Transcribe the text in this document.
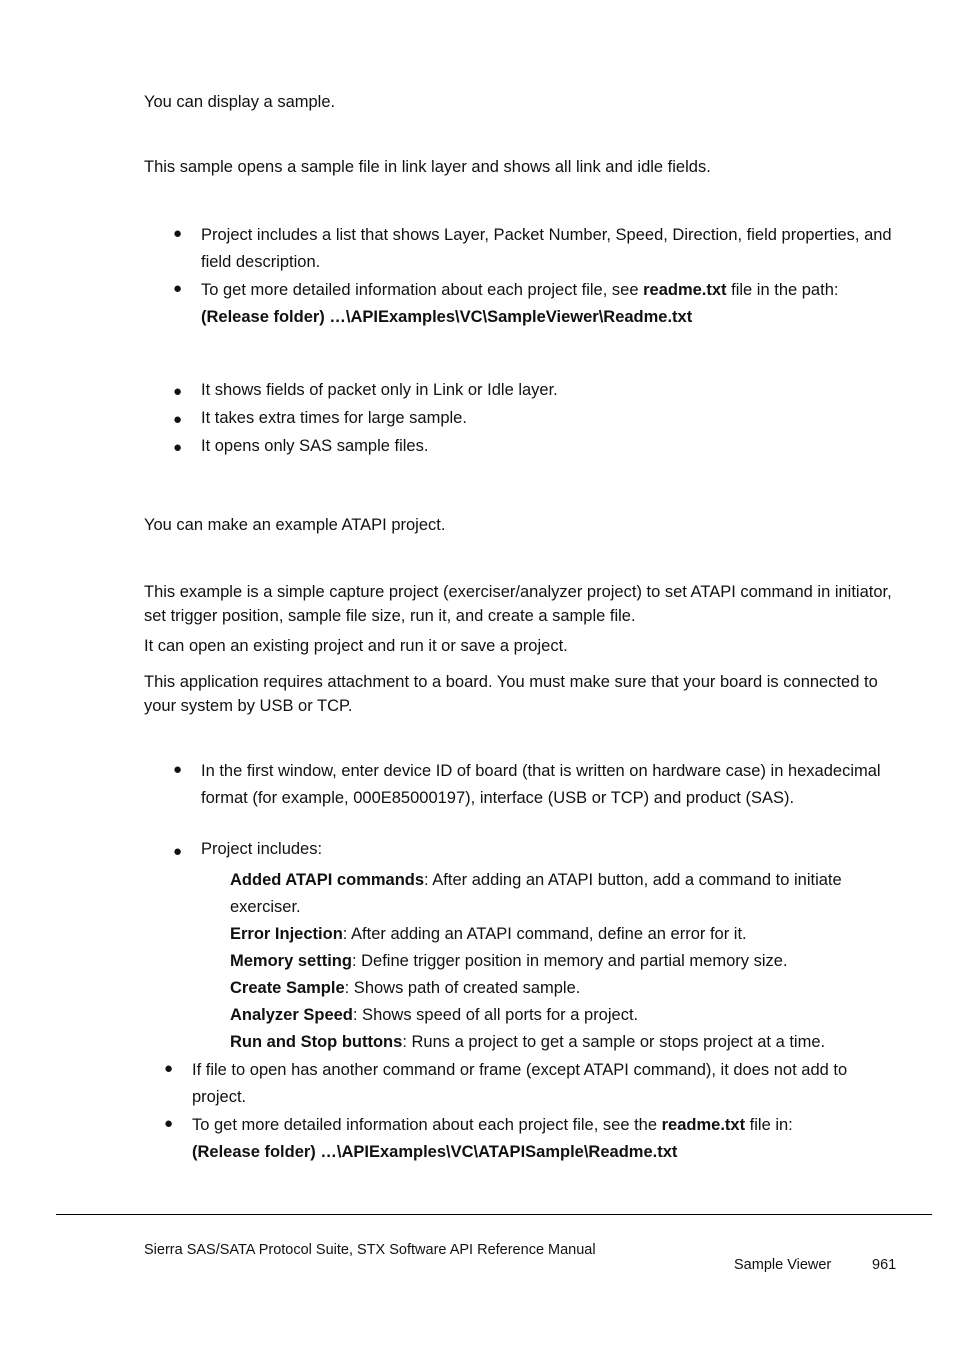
You can display a sample.
This sample opens a sample file in link layer and shows all link and idle fields.
● Project includes a list that shows Layer, Packet Number, Speed, Direction, field properties, and field description.
● To get more detailed information about each project file, see readme.txt file in the path:
(Release folder) …\APIExamples\VC\SampleViewer\Readme.txt
● It shows fields of packet only in Link or Idle layer.
● It takes extra times for large sample.
● It opens only SAS sample files.
You can make an example ATAPI project.
This example is a simple capture project (exerciser/analyzer project) to set ATAPI command in initiator, set trigger position, sample file size, run it, and create a sample file.
It can open an existing project and run it or save a project.
This application requires attachment to a board. You must make sure that your board is connected to your system by USB or TCP.
● In the first window, enter device ID of board (that is written on hardware case) in hexadecimal format (for example, 000E85000197), interface (USB or TCP) and product (SAS).
● Project includes:
Added ATAPI commands: After adding an ATAPI button, add a command to initiate exerciser.
Error Injection: After adding an ATAPI command, define an error for it.
Memory setting: Define trigger position in memory and partial memory size.
Create Sample: Shows path of created sample.
Analyzer Speed: Shows speed of all ports for a project.
Run and Stop buttons: Runs a project to get a sample or stops project at a time.
● If file to open has another command or frame (except ATAPI command), it does not add to project.
● To get more detailed information about each project file, see the readme.txt file in:
(Release folder) …\APIExamples\VC\ATAPISample\Readme.txt
Sierra SAS/SATA Protocol Suite, STX Software API Reference Manual
Sample Viewer	961
